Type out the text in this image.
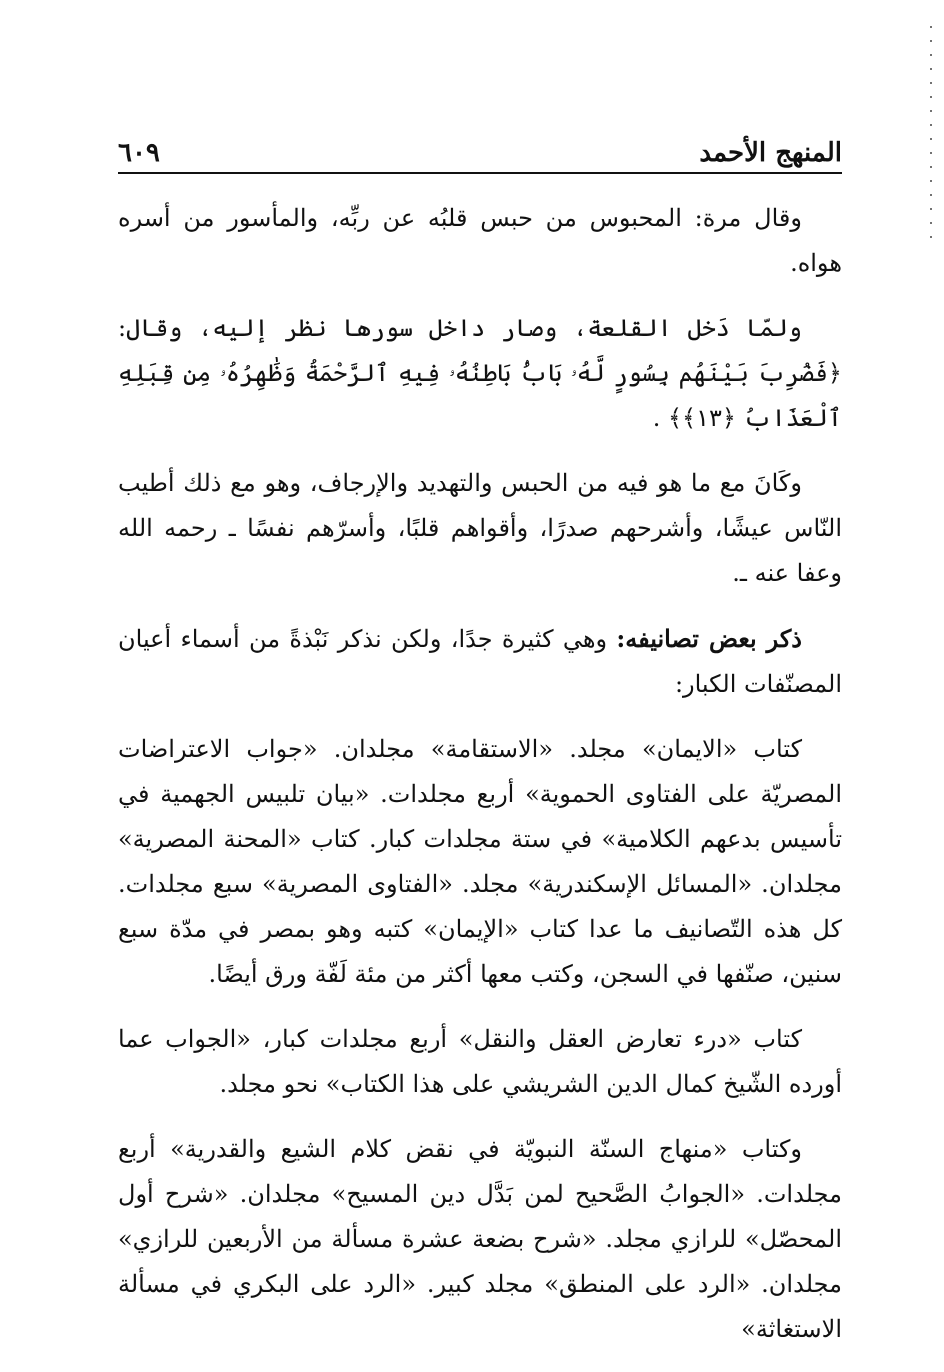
المنهج الأحمد
٦٠٩

وقال مرة: المحبوس من حبس قلبُه عن ربِّه، والمأسور من أسره هواه.

ولمّا دَخل القلعة، وصار داخل سورها نظر إليه، وقال: ﴿فَضُرِبَ بَيْنَهُم بِسُورٍ لَّهُۥ بَابُۢ بَاطِنُهُۥ فِيهِ ٱلرَّحْمَةُ وَظَٰهِرُهُۥ مِن قِبَلِهِ ٱلْعَذَابُ ﴿١٣﴾﴾ .

وكَانَ مع ما هو فيه من الحبس والتهديد والإرجاف، وهو مع ذلك أطيب النّاس عيشًا، وأشرحهم صدرًا، وأقواهم قلبًا، وأسرّهم نفسًا ـ رحمه الله وعفا عنه ـ.

ذكر بعض تصانيفه: وهي كثيرة جدًا، ولكن نذكر نَبْذةً من أسماء أعيان المصنّفات الكبار:

كتاب «الايمان» مجلد. «الاستقامة» مجلدان. «جواب الاعتراضات المصريّة على الفتاوى الحموية» أربع مجلدات. «بيان تلبيس الجهمية في تأسيس بدعهم الكلامية» في ستة مجلدات كبار. كتاب «المحنة المصرية» مجلدان. «المسائل الإسكندرية» مجلد. «الفتاوى المصرية» سبع مجلدات. كل هذه التّصانيف ما عدا كتاب «الإيمان» كتبه وهو بمصر في مدّة سبع سنين، صنّفها في السجن، وكتب معها أكثر من مئة لَفّة ورق أيضًا.

كتاب «درء تعارض العقل والنقل» أربع مجلدات كبار، «الجواب عما أورده الشّيخ كمال الدين الشريشي على هذا الكتاب» نحو مجلد.

وكتاب «منهاج السنّة النبويّة في نقض كلام الشيع والقدرية» أربع مجلدات. «الجوابُ الصَّحيح لمن بَدَّل دين المسيح» مجلدان. «شرح أول المحصّل» للرازي مجلد. «شرح بضعة عشرة مسألة من الأربعين للرازي» مجلدان. «الرد على المنطق» مجلد كبير. «الرد على البكري في مسألة الاستغاثة»
